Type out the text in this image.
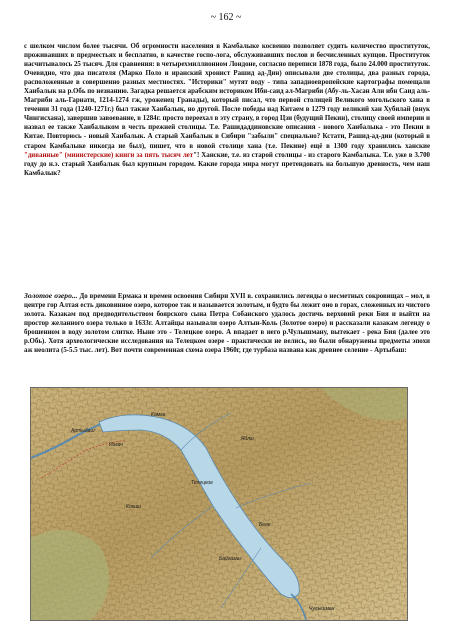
~ 162 ~
с шелком числом более тысячи. Об огромности населения в Камбалыке косвенно позволяет судить количество проституток, проживавших в предместьях и бесплатно, в качестве госпо-лога, обслуживавших послов и бесчисленных купцов. Проституток насчитывалось 25 тысяч. Для сравнения: в четырехмиллионном Лондоне, согласно переписи 1878 года, было 24.000 проституток. Очевидно, что два писателя (Марко Поло и иранский хронист Рашид ад-Дин) описывали две столицы, два разных города, расположенные в совершенно разных местностях. "Историки" мутят воду - типа западноевропейские картографы помещали Ханбалык на р.Обь по незнанию. Загадка решается арабским историком Ибн-саид ал-Магриби (Абу-ль-Хасан Али ибн Саид аль-Магриби аль-Гарнати, 1214-1274 гж, уроженец Гранады), который писал, что первой столицей Великого могольского хана в течении 31 года (1240-1271г.) был также Ханбалык, но другой. После победы над Китаем в 1279 году великий хан Хубилай (внук Чингисхана), завершив завоевание, в 1284г. просто переехал в эту страну, в город Цзи (будущий Пекин), столицу своей империи и назвал ее также Ханбалыком в честь прежней столицы. Т.е. Рашидаддиновские описания - нового Ханбалыка - это Пекин в Китае. Повторюсь - новый Ханбалык. А старый Ханбалык в Сибири "забыли" специально? Кстати, Рашид-ад-дин (который в старом Камбалыке никогда не был), пишет, что в новой столице хана (т.е. Пекине) ещё в 1300 году хранились ханские "диванные" (министерские) книги за пять тысяч лет"! Ханские, т.е. из старой столицы - из старого Камбалыка. Т.е. уже в 3.700 году до н.э. старый Ханбалык был крупным городом. Какие города мира могут претендовать на большую древность, чем наш Камбалык?
Золотое озеро... До времени Ермака и времен освоения Сибири XVII в. сохранились легенды о несметных сокровищах – мол, в центре гор Алтая есть диковинное озеро, которое так и называется золотым, и будто бы лежит оно в горах, сложенных из чистого золота. Казакам под предводительством боярского сына Петра Собанского удалось достичь верховий реки Бия и выйти на простор желанного озера только в 1633г. Алтайцы называли озеро Алтын-Коль (Золотое озеро) и рассказали казакам легенду о брошенном в воду золотом слитке. Ныне это - Телецкое озеро. А впадает в него р.Чулышману, вытекает - река Бия (далее это р.Обь). Хотя археологические исследования на Телецком озере - практически не велись, но были обнаружены предметы эпохи аж неолита (5-5.5 тыс. лет). Вот почти современная схема озера 1960г, где турбаза названа как древнее селение - Артыбаш:
Артыбаш
Иогач
Телецкое
Камга
Кокши
Чулышман
Беле
Яйлю
Байгазан
